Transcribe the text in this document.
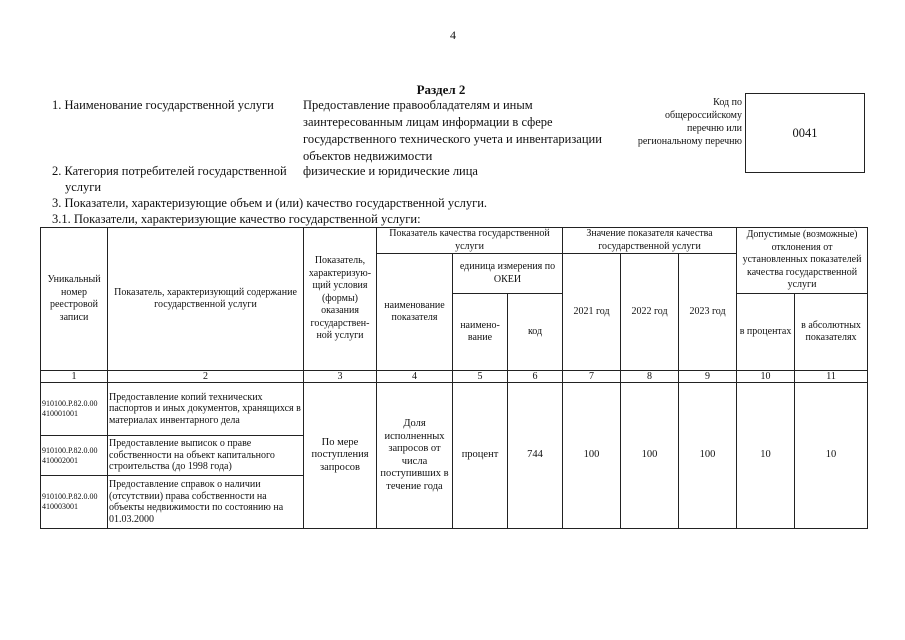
4
Раздел 2
1. Наименование государственной услуги Предоставление правообладателям и иным
заинтересованным лицам информации в сфере
государственного технического учета и инвентаризации
объектов недвижимости
Код по
общероссийскому
перечню или
региональному перечню
0041
2. Категория потребителей государственной
услуги
физические и юридические лица
3. Показатели, характеризующие объем и (или) качество государственной услуги.
3.1. Показатели, характеризующие качество государственной услуги:
Уникальный номер реестровой записи	Показатель, характеризующий содержание государственной услуги	Показатель, характеризую- щий условия (формы) оказания государствен- ной услуги	Показатель качества государственной услуги			Значение показателя качества государственной услуги			Допустимые (возможные) отклонения от установленных показателей качества государственной услуги	
			наименование показателя	единица измерения по ОКЕИ		2021 год	2022 год	2023 год		
				наимено- вание	код				в процентах	в абсолютных показателях

1	2	3	4	5	6	7	8	9	10	11
910100.Р.82.0.00 410001001	Предоставление копий технических паспортов и иных документов, хранящихся в материалах инвентарного дела	По мере поступления запросов	Доля исполненных запросов от числа поступивших в течение года	процент	744	100	100	100	10	10
910100.Р.82.0.00 410002001	Предоставление выписок о праве собственности на объект капитального строительства (до 1998 года)									
910100.Р.82.0.00 410003001	Предоставление справок о наличии (отсутствии) права собственности на объекты недвижимости по состоянию на 01.03.2000									
